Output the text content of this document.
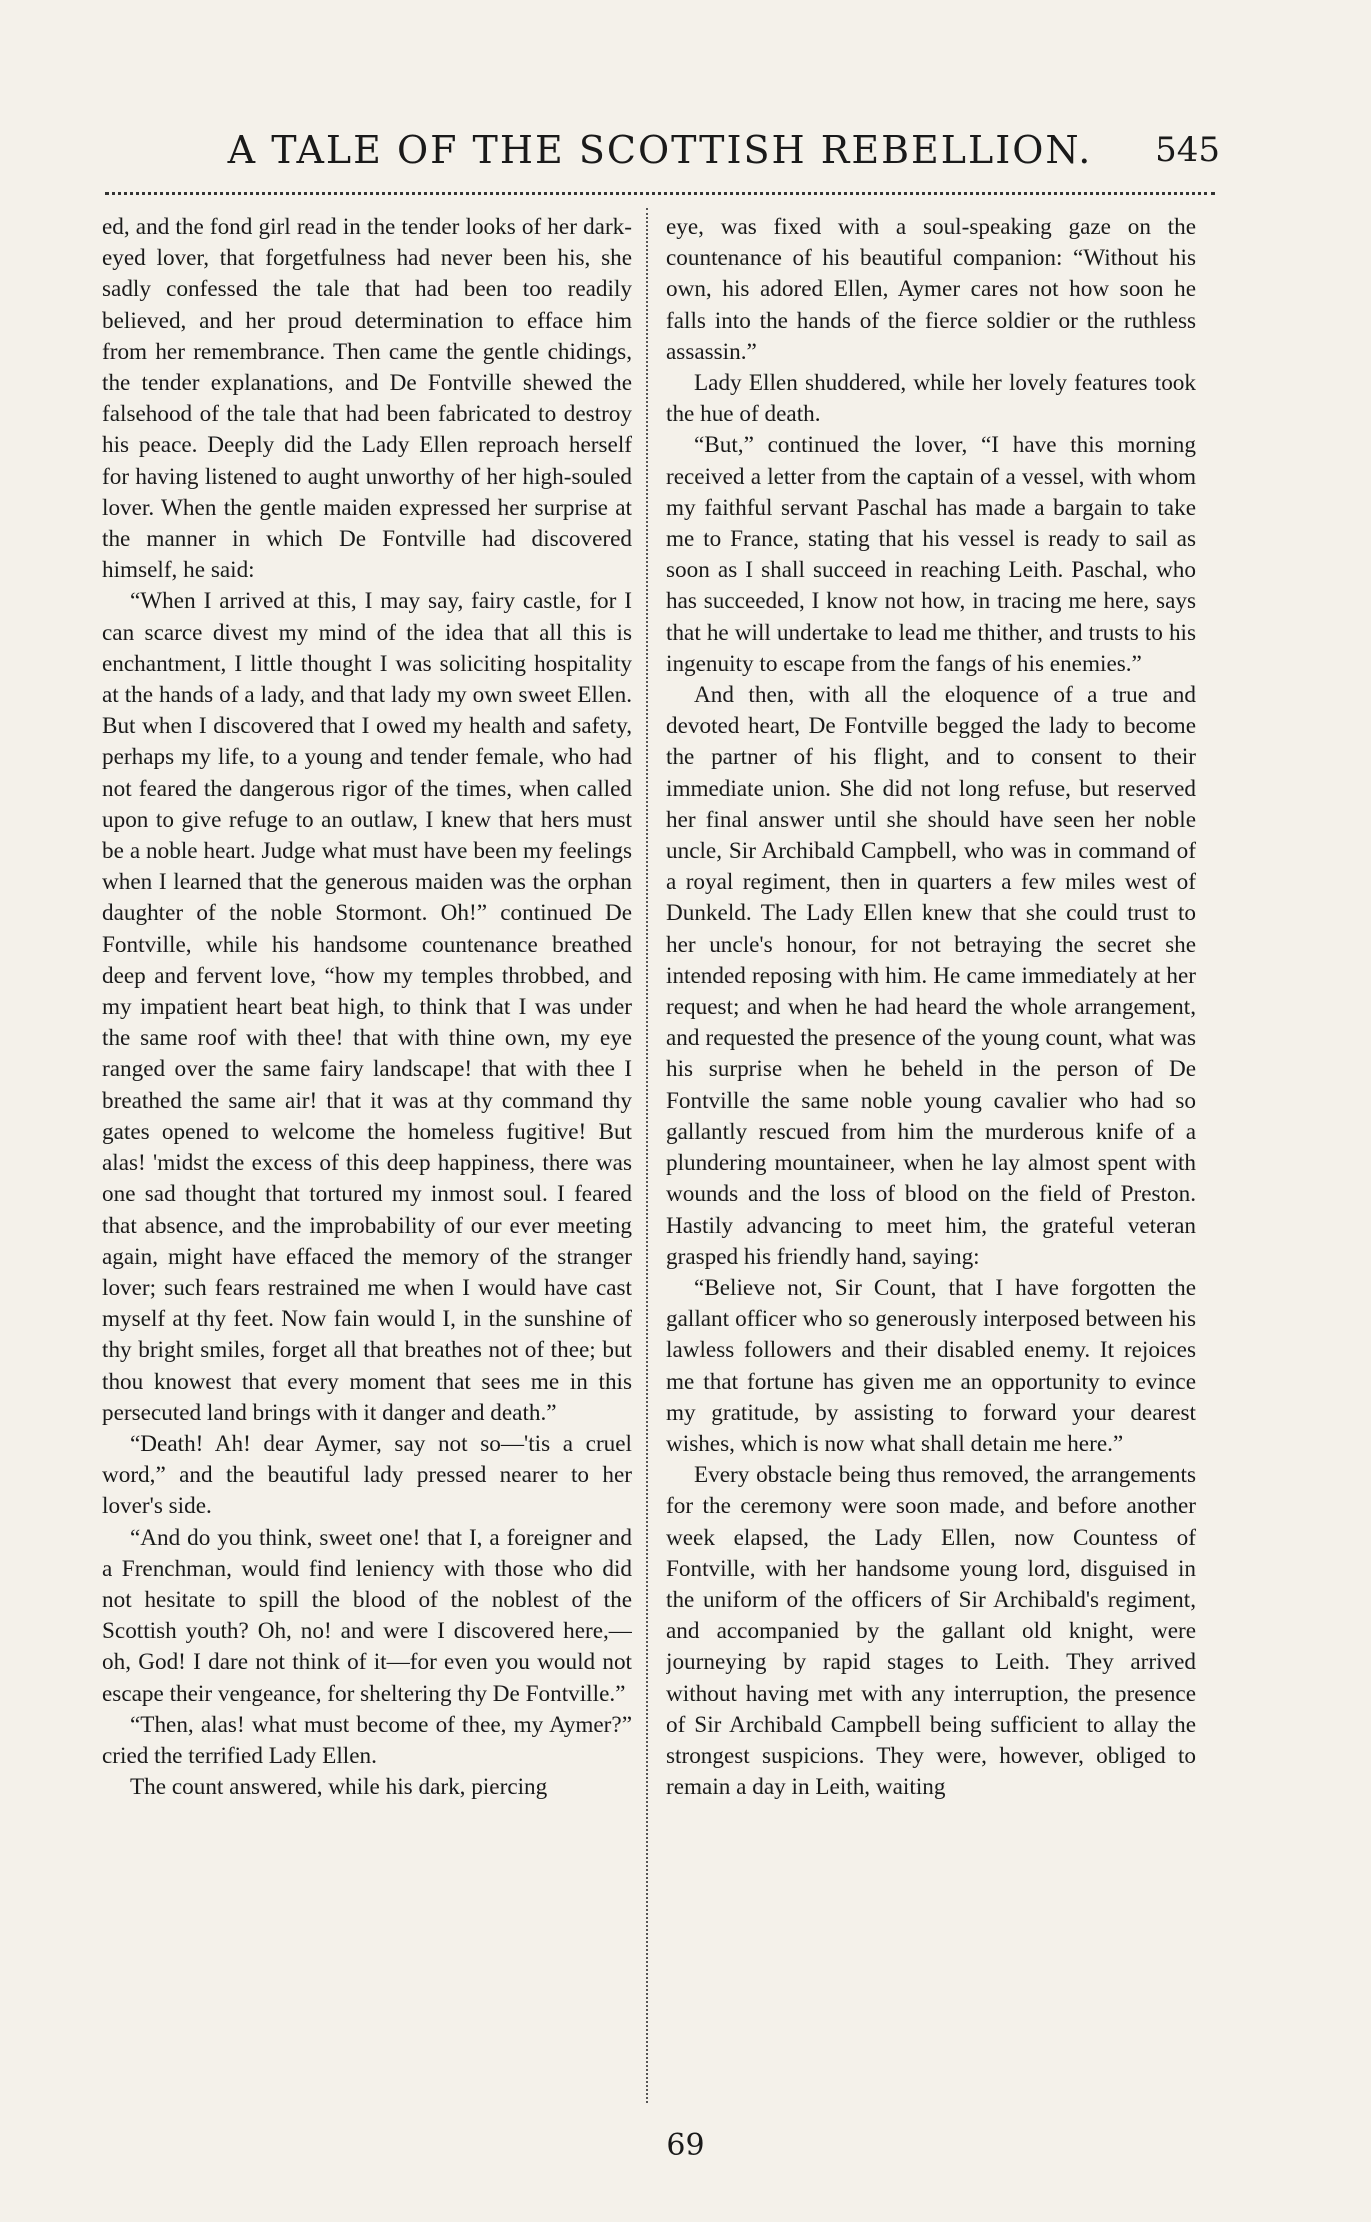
A TALE OF THE SCOTTISH REBELLION.	545

ed, and the fond girl read in the tender looks of her dark-eyed lover, that forgetfulness had never been his, she sadly confessed the tale that had been too readily believed, and her proud determination to efface him from her remembrance. Then came the gentle chidings, the tender explanations, and De Fontville shewed the falsehood of the tale that had been fabricated to destroy his peace. Deeply did the Lady Ellen reproach herself for having listened to aught unworthy of her high-souled lover. When the gentle maiden expressed her surprise at the manner in which De Fontville had discovered himself, he said:

“When I arrived at this, I may say, fairy castle, for I can scarce divest my mind of the idea that all this is enchantment, I little thought I was soliciting hospitality at the hands of a lady, and that lady my own sweet Ellen. But when I discovered that I owed my health and safety, perhaps my life, to a young and tender female, who had not feared the dangerous rigor of the times, when called upon to give refuge to an outlaw, I knew that hers must be a noble heart. Judge what must have been my feelings when I learned that the generous maiden was the orphan daughter of the noble Stormont. Oh!” continued De Fontville, while his handsome countenance breathed deep and fervent love, “how my temples throbbed, and my impatient heart beat high, to think that I was under the same roof with thee! that with thine own, my eye ranged over the same fairy landscape! that with thee I breathed the same air! that it was at thy command thy gates opened to welcome the homeless fugitive! But alas! 'midst the excess of this deep happiness, there was one sad thought that tortured my inmost soul. I feared that absence, and the improbability of our ever meeting again, might have effaced the memory of the stranger lover; such fears restrained me when I would have cast myself at thy feet. Now fain would I, in the sunshine of thy bright smiles, forget all that breathes not of thee; but thou knowest that every moment that sees me in this persecuted land brings with it danger and death.”

“Death! Ah! dear Aymer, say not so—'tis a cruel word,” and the beautiful lady pressed nearer to her lover's side.

“And do you think, sweet one! that I, a foreigner and a Frenchman, would find leniency with those who did not hesitate to spill the blood of the noblest of the Scottish youth? Oh, no! and were I discovered here,—oh, God! I dare not think of it—for even you would not escape their vengeance, for sheltering thy De Fontville.”

“Then, alas! what must become of thee, my Aymer?” cried the terrified Lady Ellen.

The count answered, while his dark, piercing

eye, was fixed with a soul-speaking gaze on the countenance of his beautiful companion: “Without his own, his adored Ellen, Aymer cares not how soon he falls into the hands of the fierce soldier or the ruthless assassin.”

Lady Ellen shuddered, while her lovely features took the hue of death.

“But,” continued the lover, “I have this morning received a letter from the captain of a vessel, with whom my faithful servant Paschal has made a bargain to take me to France, stating that his vessel is ready to sail as soon as I shall succeed in reaching Leith. Paschal, who has succeeded, I know not how, in tracing me here, says that he will undertake to lead me thither, and trusts to his ingenuity to escape from the fangs of his enemies.”

And then, with all the eloquence of a true and devoted heart, De Fontville begged the lady to become the partner of his flight, and to consent to their immediate union. She did not long refuse, but reserved her final answer until she should have seen her noble uncle, Sir Archibald Campbell, who was in command of a royal regiment, then in quarters a few miles west of Dunkeld. The Lady Ellen knew that she could trust to her uncle's honour, for not betraying the secret she intended reposing with him. He came immediately at her request; and when he had heard the whole arrangement, and requested the presence of the young count, what was his surprise when he beheld in the person of De Fontville the same noble young cavalier who had so gallantly rescued from him the murderous knife of a plundering mountaineer, when he lay almost spent with wounds and the loss of blood on the field of Preston. Hastily advancing to meet him, the grateful veteran grasped his friendly hand, saying:

“Believe not, Sir Count, that I have forgotten the gallant officer who so generously interposed between his lawless followers and their disabled enemy. It rejoices me that fortune has given me an opportunity to evince my gratitude, by assisting to forward your dearest wishes, which is now what shall detain me here.”

Every obstacle being thus removed, the arrangements for the ceremony were soon made, and before another week elapsed, the Lady Ellen, now Countess of Fontville, with her handsome young lord, disguised in the uniform of the officers of Sir Archibald's regiment, and accompanied by the gallant old knight, were journeying by rapid stages to Leith. They arrived without having met with any interruption, the presence of Sir Archibald Campbell being sufficient to allay the strongest suspicions. They were, however, obliged to remain a day in Leith, waiting

69
